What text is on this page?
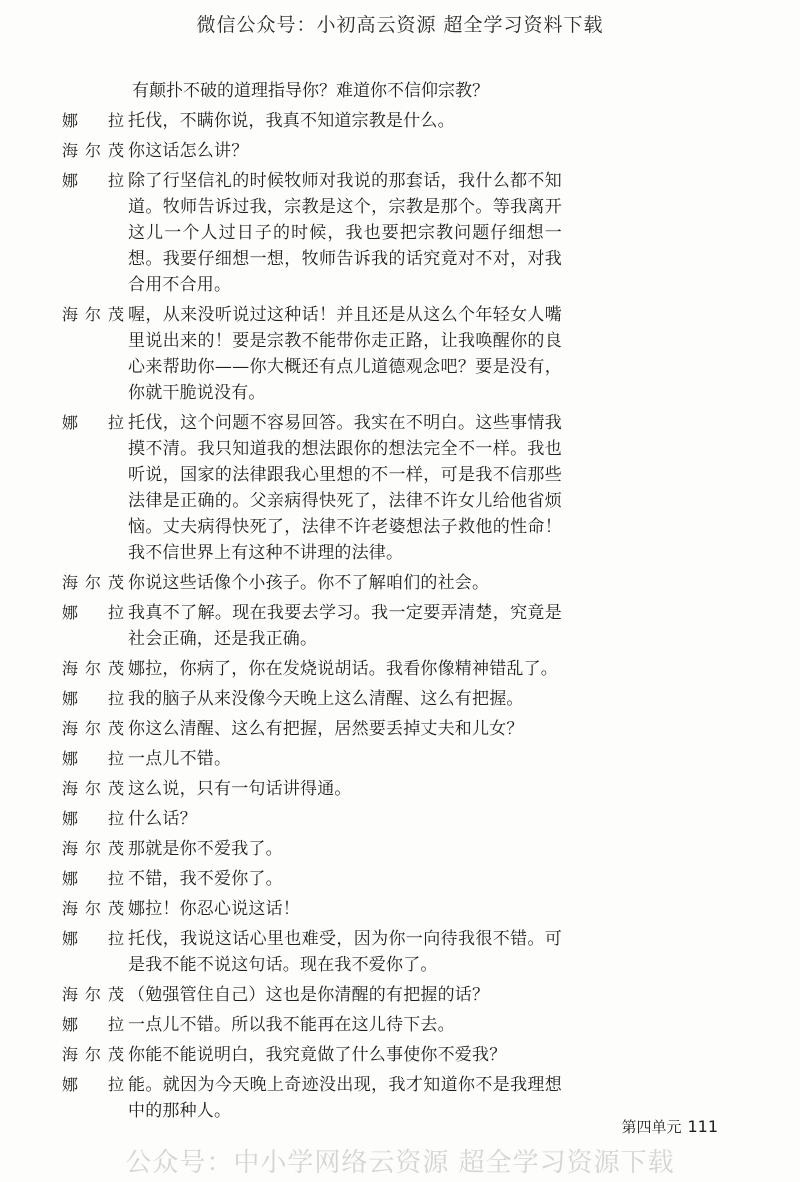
微信公众号：小初高云资源 超全学习资料下载
有颠扑不破的道理指导你？难道你不信仰宗教？
娜　拉 托伐，不瞒你说，我真不知道宗教是什么。
海尔茂 你这话怎么讲？
娜　拉 除了行坚信礼的时候牧师对我说的那套话，我什么都不知道。牧师告诉过我，宗教是这个，宗教是那个。等我离开这儿一个人过日子的时候，我也要把宗教问题仔细想一想。我要仔细想一想，牧师告诉我的话究竟对不对，对我合用不合用。
海尔茂 喔，从来没听说过这种话！并且还是从这么个年轻女人嘴里说出来的！要是宗教不能带你走正路，让我唤醒你的良心来帮助你——你大概还有点儿道德观念吧？要是没有，你就干脆说没有。
娜　拉 托伐，这个问题不容易回答。我实在不明白。这些事情我摸不清。我只知道我的想法跟你的想法完全不一样。我也听说，国家的法律跟我心里想的不一样，可是我不信那些法律是正确的。父亲病得快死了，法律不许女儿给他省烦恼。丈夫病得快死了，法律不许老婆想法子救他的性命！我不信世界上有这种不讲理的法律。
海尔茂 你说这些话像个小孩子。你不了解咱们的社会。
娜　拉 我真不了解。现在我要去学习。我一定要弄清楚，究竟是社会正确，还是我正确。
海尔茂 娜拉，你病了，你在发烧说胡话。我看你像精神错乱了。
娜　拉 我的脑子从来没像今天晚上这么清醒、这么有把握。
海尔茂 你这么清醒、这么有把握，居然要丢掉丈夫和儿女？
娜　拉 一点儿不错。
海尔茂 这么说，只有一句话讲得通。
娜　拉 什么话？
海尔茂 那就是你不爱我了。
娜　拉 不错，我不爱你了。
海尔茂 娜拉！你忍心说这话！
娜　拉 托伐，我说这话心里也难受，因为你一向待我很不错。可是我不能不说这句话。现在我不爱你了。
海尔茂 （勉强管住自己）这也是你清醒的有把握的话？
娜　拉 一点儿不错。所以我不能再在这儿待下去。
海尔茂 你能不能说明白，我究竟做了什么事使你不爱我？
娜　拉 能。就因为今天晚上奇迹没出现，我才知道你不是我理想中的那种人。
第四单元 111
公众号：中小学网络云资源 超全学习资源下载
